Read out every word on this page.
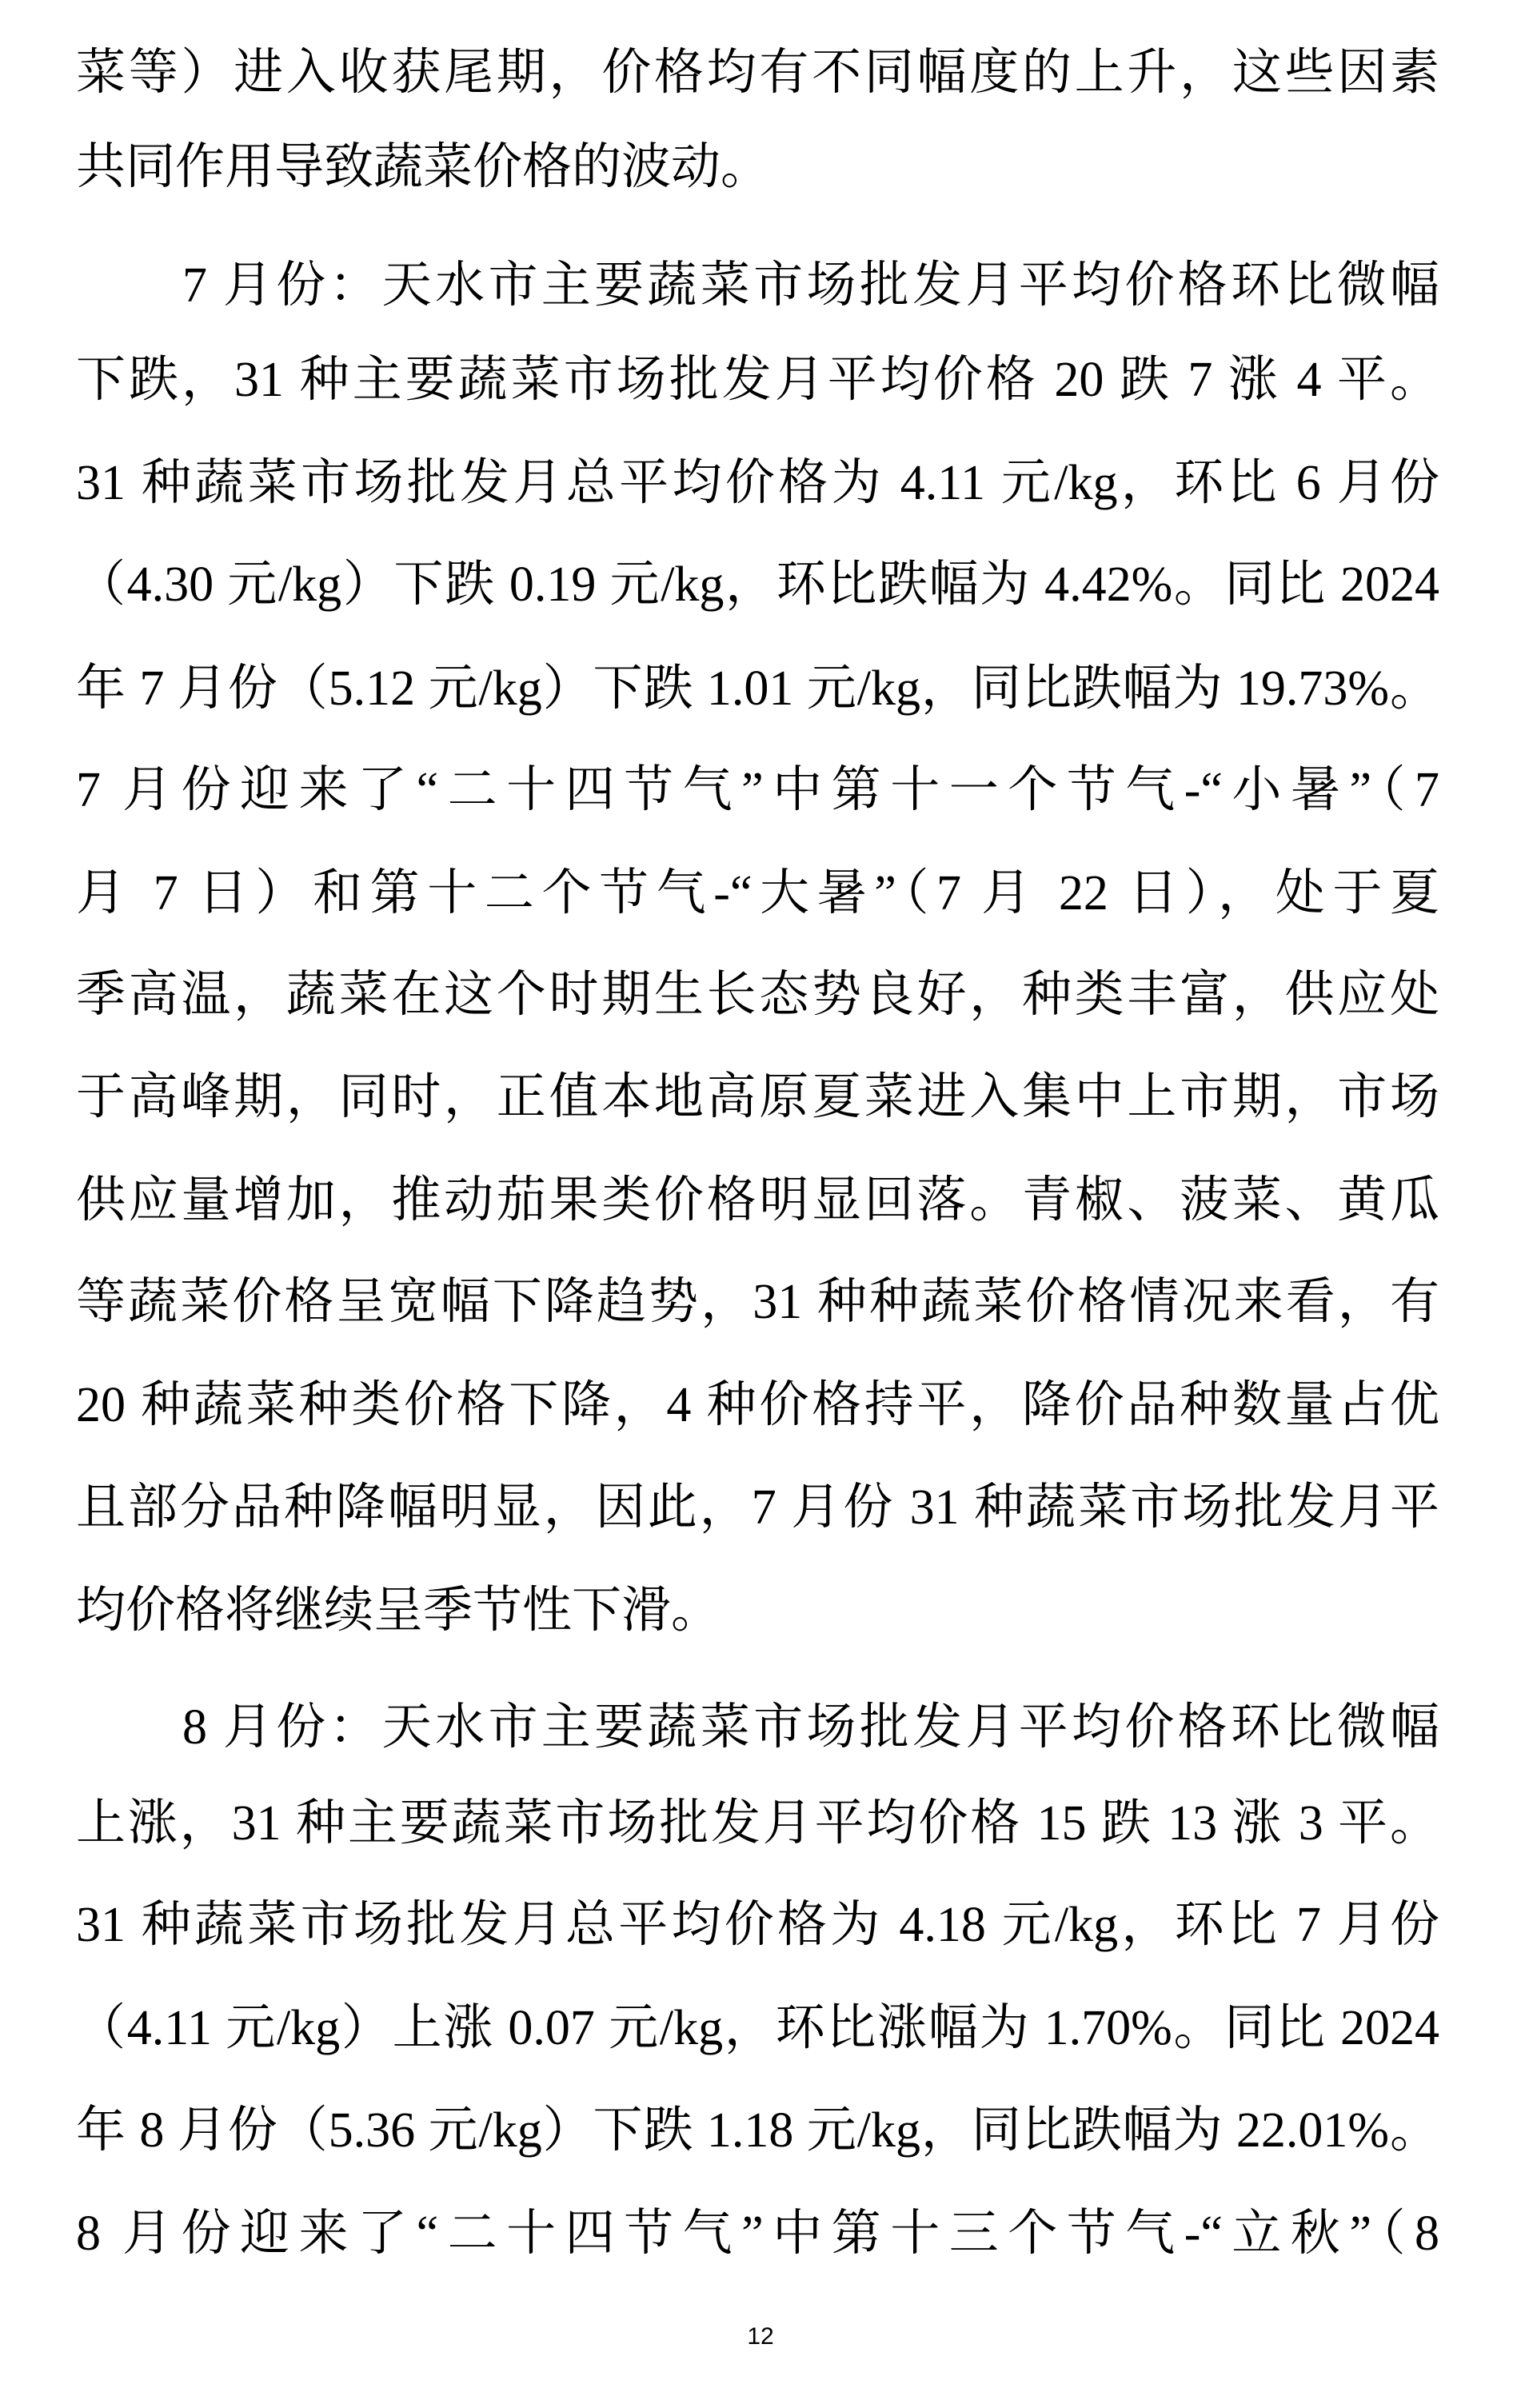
菜等）进入收获尾期，价格均有不同幅度的上升，这些因素
共同作用导致蔬菜价格的波动。
7 月份：天水市主要蔬菜市场批发月平均价格环比微幅
下跌，31 种主要蔬菜市场批发月平均价格 20 跌 7 涨 4 平。
31 种蔬菜市场批发月总平均价格为 4.11 元/kg，环比 6 月份
（4.30 元/kg）下跌 0.19 元/kg，环比跌幅为 4.42%。同比 2024
年 7 月份（5.12 元/kg）下跌 1.01 元/kg，同比跌幅为 19.73%。
7 月份迎来了“二十四节气”中第十一个节气-“小暑”（7
月 7 日）和第十二个节气-“大暑”（7 月 22 日），处于夏
季高温，蔬菜在这个时期生长态势良好，种类丰富，供应处
于高峰期，同时，正值本地高原夏菜进入集中上市期，市场
供应量增加，推动茄果类价格明显回落。青椒、菠菜、黄瓜
等蔬菜价格呈宽幅下降趋势，31 种种蔬菜价格情况来看，有
20 种蔬菜种类价格下降，4 种价格持平，降价品种数量占优
且部分品种降幅明显，因此，7 月份 31 种蔬菜市场批发月平
均价格将继续呈季节性下滑。
8 月份：天水市主要蔬菜市场批发月平均价格环比微幅
上涨，31 种主要蔬菜市场批发月平均价格 15 跌 13 涨 3 平。
31 种蔬菜市场批发月总平均价格为 4.18 元/kg，环比 7 月份
（4.11 元/kg）上涨 0.07 元/kg，环比涨幅为 1.70%。同比 2024
年 8 月份（5.36 元/kg）下跌 1.18 元/kg，同比跌幅为 22.01%。
8 月份迎来了“二十四节气”中第十三个节气-“立秋”（8
12
